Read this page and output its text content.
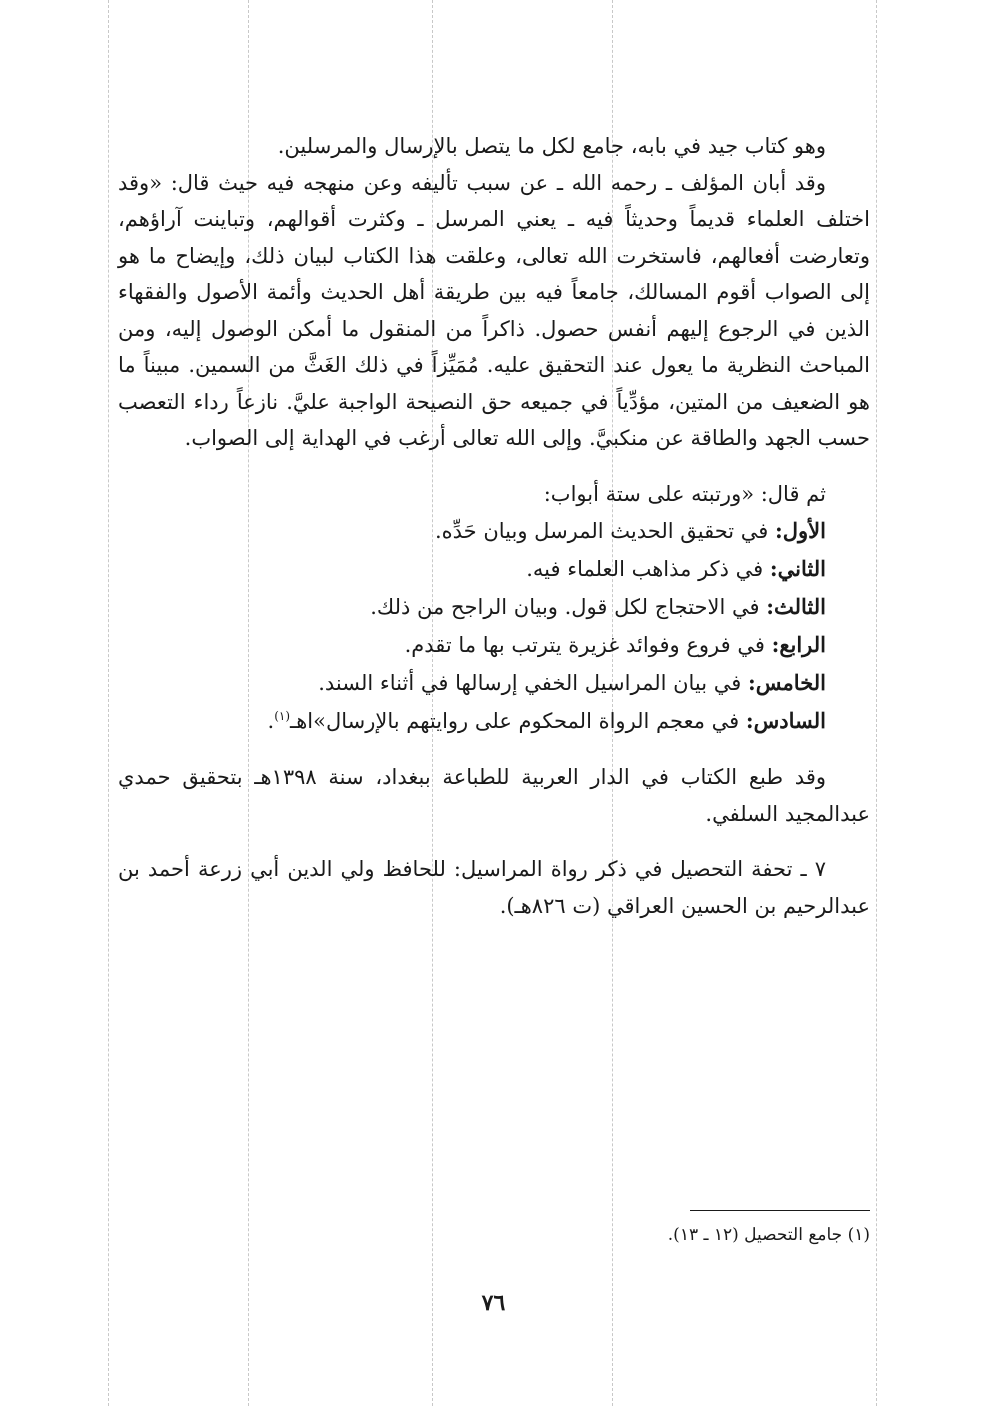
وهو كتاب جيد في بابه، جامع لكل ما يتصل بالإرسال والمرسلين.

وقد أبان المؤلف ـ رحمه الله ـ عن سبب تأليفه وعن منهجه فيه حيث قال: «وقد اختلف العلماء قديماً وحديثاً فيه ـ يعني المرسل ـ وكثرت أقوالهم، وتباينت آراؤهم، وتعارضت أفعالهم، فاستخرت الله تعالى، وعلقت هذا الكتاب لبيان ذلك، وإيضاح ما هو إلى الصواب أقوم المسالك، جامعاً فيه بين طريقة أهل الحديث وأئمة الأصول والفقهاء الذين في الرجوع إليهم أنفس حصول. ذاكراً من المنقول ما أمكن الوصول إليه، ومن المباحث النظرية ما يعول عند التحقيق عليه. مُمَيِّزاً في ذلك الغَثَّ من السمين. مبيناً ما هو الضعيف من المتين، مؤدِّياً في جميعه حق النصيحة الواجبة عليَّ. نازعاً رداء التعصب حسب الجهد والطاقة عن منكبيَّ. وإلى الله تعالى أرغب في الهداية إلى الصواب.

ثم قال: «ورتبته على ستة أبواب:

الأول: في تحقيق الحديث المرسل وبيان حَدِّه.

الثاني: في ذكر مذاهب العلماء فيه.

الثالث: في الاحتجاج لكل قول. وبيان الراجح من ذلك.

الرابع: في فروع وفوائد غزيرة يترتب بها ما تقدم.

الخامس: في بيان المراسيل الخفي إرسالها في أثناء السند.

السادس: في معجم الرواة المحكوم على روايتهم بالإرسال»اهـ$^{(١)}$.

وقد طبع الكتاب في الدار العربية للطباعة ببغداد، سنة ١٣٩٨هـ بتحقيق حمدي عبدالمجيد السلفي.

٧ ـ تحفة التحصيل في ذكر رواة المراسيل: للحافظ ولي الدين أبي زرعة أحمد بن عبدالرحيم بن الحسين العراقي (ت ٨٢٦هـ).

(١) جامع التحصيل (١٢ ـ ١٣).
٧٦
